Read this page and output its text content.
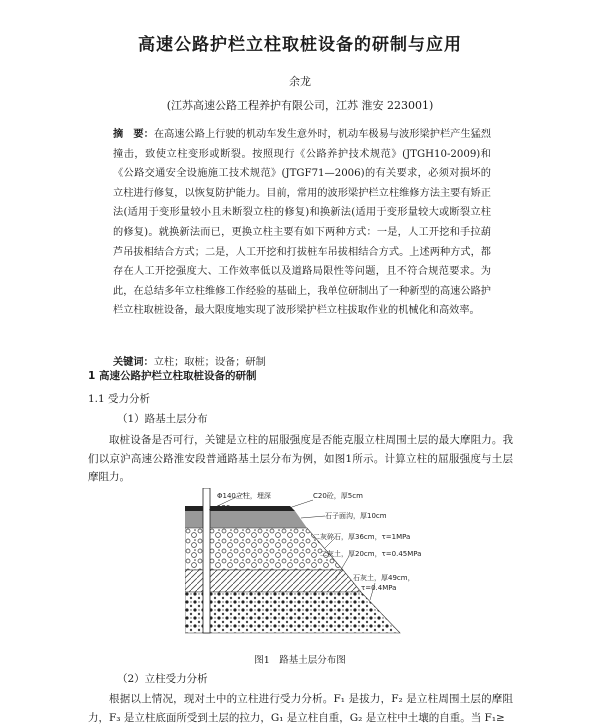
高速公路护栏立柱取桩设备的研制与应用
余龙
(江苏高速公路工程养护有限公司，江苏 淮安 223001)
摘　要：在高速公路上行驶的机动车发生意外时，机动车极易与波形梁护栏产生猛烈撞击，致使立柱变形或断裂。按照现行《公路养护技术规范》(JTGH10-2009)和《公路交通安全设施施工技术规范》(JTGF71—2006)的有关要求，必须对损坏的立柱进行修复，以恢复防护能力。目前，常用的波形梁护栏立柱维修方法主要有矫正法(适用于变形量较小且未断裂立柱的修复)和换新法(适用于变形量较大或断裂立柱的修复)。就换新法而已，更换立柱主要有如下两种方式：一是，人工开挖和手拉葫芦吊拔相结合方式；二是，人工开挖和打拔桩车吊拔相结合方式。上述两种方式，都存在人工开挖强度大、工作效率低以及道路局限性等问题，且不符合规范要求。为此，在总结多年立柱维修工作经验的基础上，我单位研制出了一种新型的高速公路护栏立柱取桩设备，最大限度地实现了波形梁护栏立柱拔取作业的机械化和高效率。
关键词：立柱；取桩；设备；研制
1 高速公路护栏立柱取桩设备的研制
1.1 受力分析
（1）路基土层分布
取桩设备是否可行，关键是立柱的屈服强度是否能克服立柱周围土层的最大摩阻力。我们以京沪高速公路淮安段普通路基土层分布为例，如图1所示。计算立柱的屈服强度与土层摩阻力。
Φ140立柱，埋深
120cm
C20砼，厚5cm
石子面沟，厚10cm
二灰碎石，厚36cm，τ=1MPa
二灰土，厚20cm，τ=0.45MPa
石灰土，厚49cm，
τ=0.4MPa
图1　路基土层分布图
（2）立柱受力分析
根据以上情况，现对土中的立柱进行受力分析。F₁ 是拔力，F₂ 是立柱周围土层的摩阻力，F₃ 是立柱底面所受到土层的拉力，G₁ 是立柱自重，G₂ 是立柱中土壤的自重。当 F₁≥
